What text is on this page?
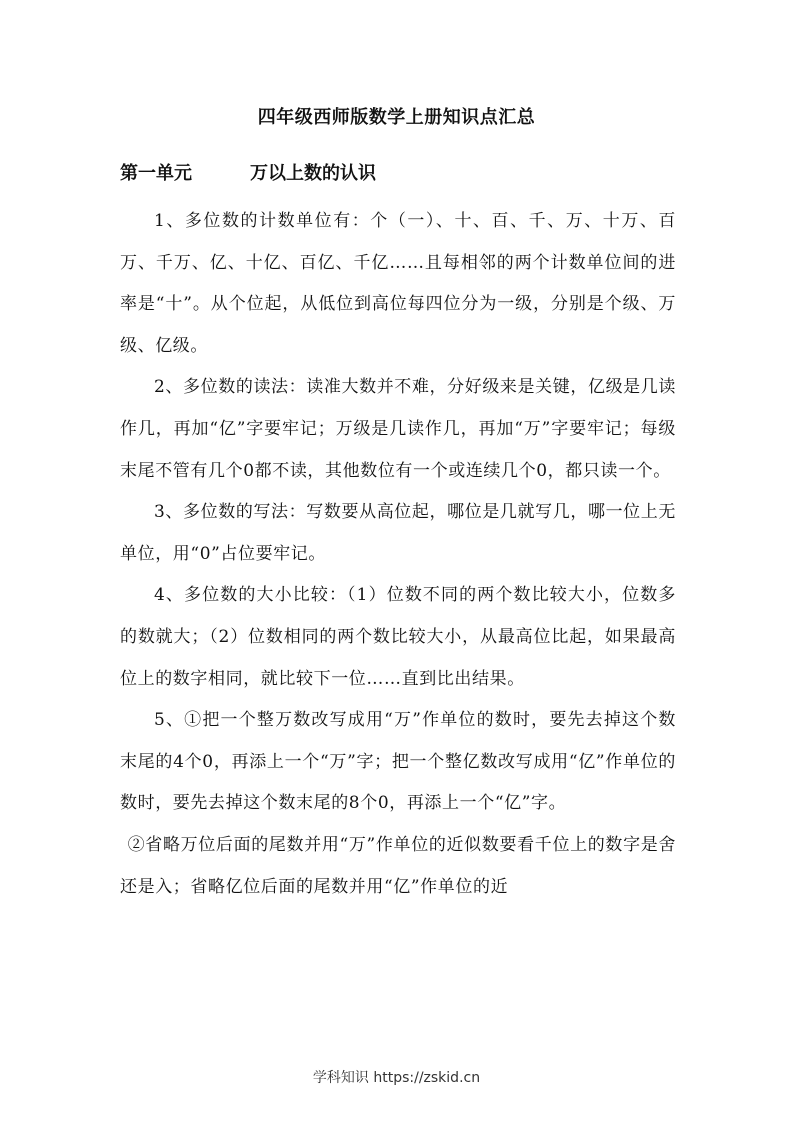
四年级西师版数学上册知识点汇总
第一单元	万以上数的认识

1、多位数的计数单位有：个（一）、十、百、千、万、十万、百万、千万、亿、十亿、百亿、千亿……且每相邻的两个计数单位间的进率是“十”。从个位起，从低位到高位每四位分为一级，分别是个级、万级、亿级。

2、多位数的读法：读准大数并不难，分好级来是关键，亿级是几读作几，再加“亿”字要牢记；万级是几读作几，再加“万”字要牢记；每级末尾不管有几个0都不读，其他数位有一个或连续几个0，都只读一个。

3、多位数的写法：写数要从高位起，哪位是几就写几，哪一位上无单位，用“0”占位要牢记。

4、多位数的大小比较：（1）位数不同的两个数比较大小，位数多的数就大；（2）位数相同的两个数比较大小，从最高位比起，如果最高位上的数字相同，就比较下一位……直到比出结果。

5、①把一个整万数改写成用“万”作单位的数时，要先去掉这个数末尾的4个0，再添上一个“万”字；把一个整亿数改写成用“亿”作单位的数时，要先去掉这个数末尾的8个0，再添上一个“亿”字。

②省略万位后面的尾数并用“万”作单位的近似数要看千位上的数字是舍还是入；省略亿位后面的尾数并用“亿”作单位的近

学科知识 https://zskid.cn
